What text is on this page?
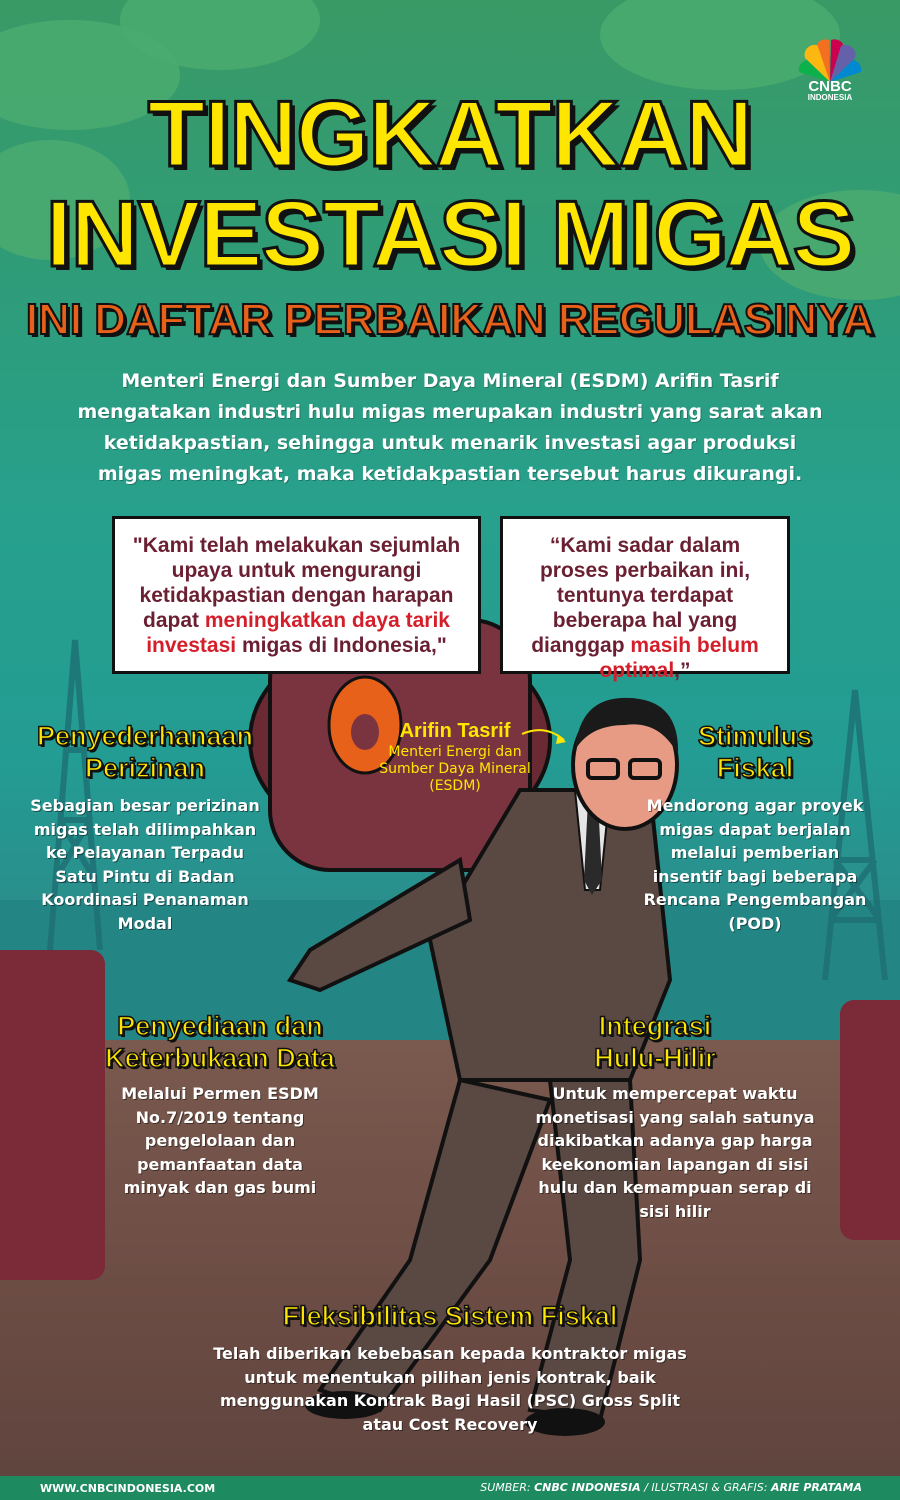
CNBC
INDONESIA
TINGKATKAN
INVESTASI MIGAS
INI DAFTAR PERBAIKAN REGULASINYA
Menteri Energi dan Sumber Daya Mineral (ESDM) Arifin Tasrif mengatakan industri hulu migas merupakan industri yang sarat akan ketidakpastian, sehingga untuk menarik investasi agar produksi migas meningkat, maka ketidakpastian tersebut harus dikurangi.
"Kami telah melakukan sejumlah upaya untuk mengurangi ketidakpastian dengan harapan dapat meningkatkan daya tarik investasi migas di Indonesia,"
“Kami sadar dalam proses perbaikan ini, tentunya terdapat beberapa hal yang dianggap masih belum optimal,”
Arifin Tasrif
Menteri Energi dan Sumber Daya Mineral (ESDM)
Penyederhanaan
Perizinan
Sebagian besar perizinan migas telah dilimpahkan ke Pelayanan Terpadu Satu Pintu di Badan Koordinasi Penanaman Modal
Stimulus
Fiskal
Mendorong agar proyek migas dapat berjalan melalui pemberian insentif bagi beberapa Rencana Pengembangan (POD)
Penyediaan dan
Keterbukaan Data
Melalui Permen ESDM No.7/2019 tentang pengelolaan dan pemanfaatan data minyak dan gas bumi
Integrasi
Hulu-Hilir
Untuk mempercepat waktu monetisasi yang salah satunya diakibatkan adanya gap harga keekonomian lapangan di sisi hulu dan kemampuan serap di sisi hilir
Fleksibilitas Sistem Fiskal
Telah diberikan kebebasan kepada kontraktor migas untuk menentukan pilihan jenis kontrak, baik menggunakan Kontrak Bagi Hasil (PSC) Gross Split atau Cost Recovery
WWW.CNBCINDONESIA.COM	SUMBER: CNBC INDONESIA / ILUSTRASI & GRAFIS: ARIE PRATAMA
